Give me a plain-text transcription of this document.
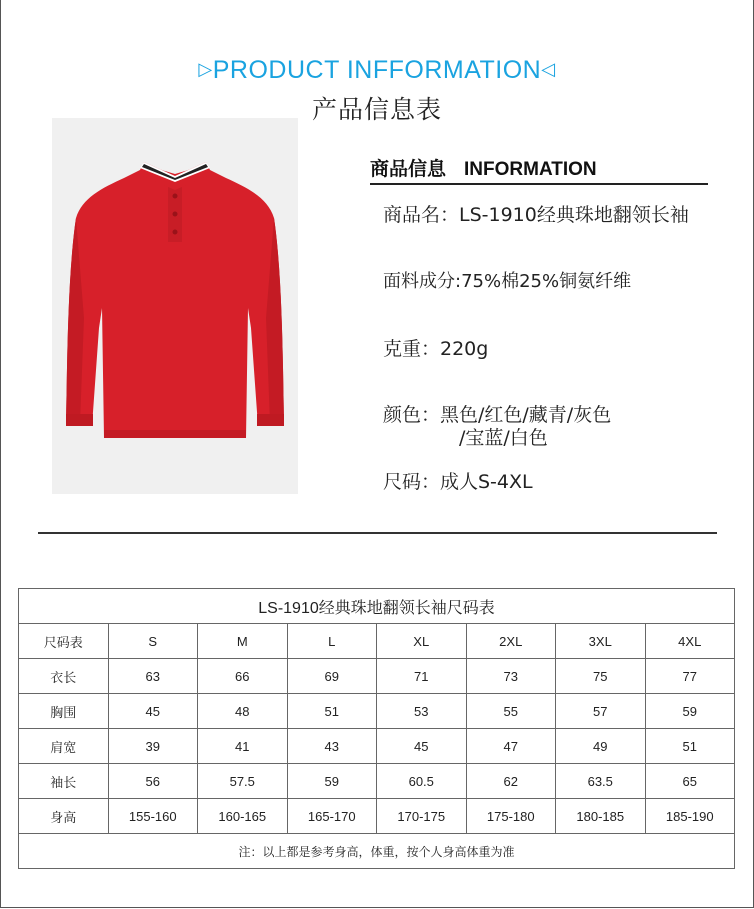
▷PRODUCT INFFORMATION◁
产品信息表
商品信息 INFORMATION
商品名：LS-1910经典珠地翻领长袖
面料成分:75%棉25%铜氨纤维
克重：220g
颜色：黑色/红色/藏青/灰色
/宝蓝/白色
尺码：成人S-4XL
LS-1910经典珠地翻领长袖尺码表							
尺码表	S	M	L	XL	2XL	3XL	4XL
衣长	63	66	69	71	73	75	77
胸围	45	48	51	53	55	57	59
肩宽	39	41	43	45	47	49	51
袖长	56	57.5	59	60.5	62	63.5	65
身高	155-160	160-165	165-170	170-175	175-180	180-185	185-190
注：以上都是参考身高，体重，按个人身高体重为准							
